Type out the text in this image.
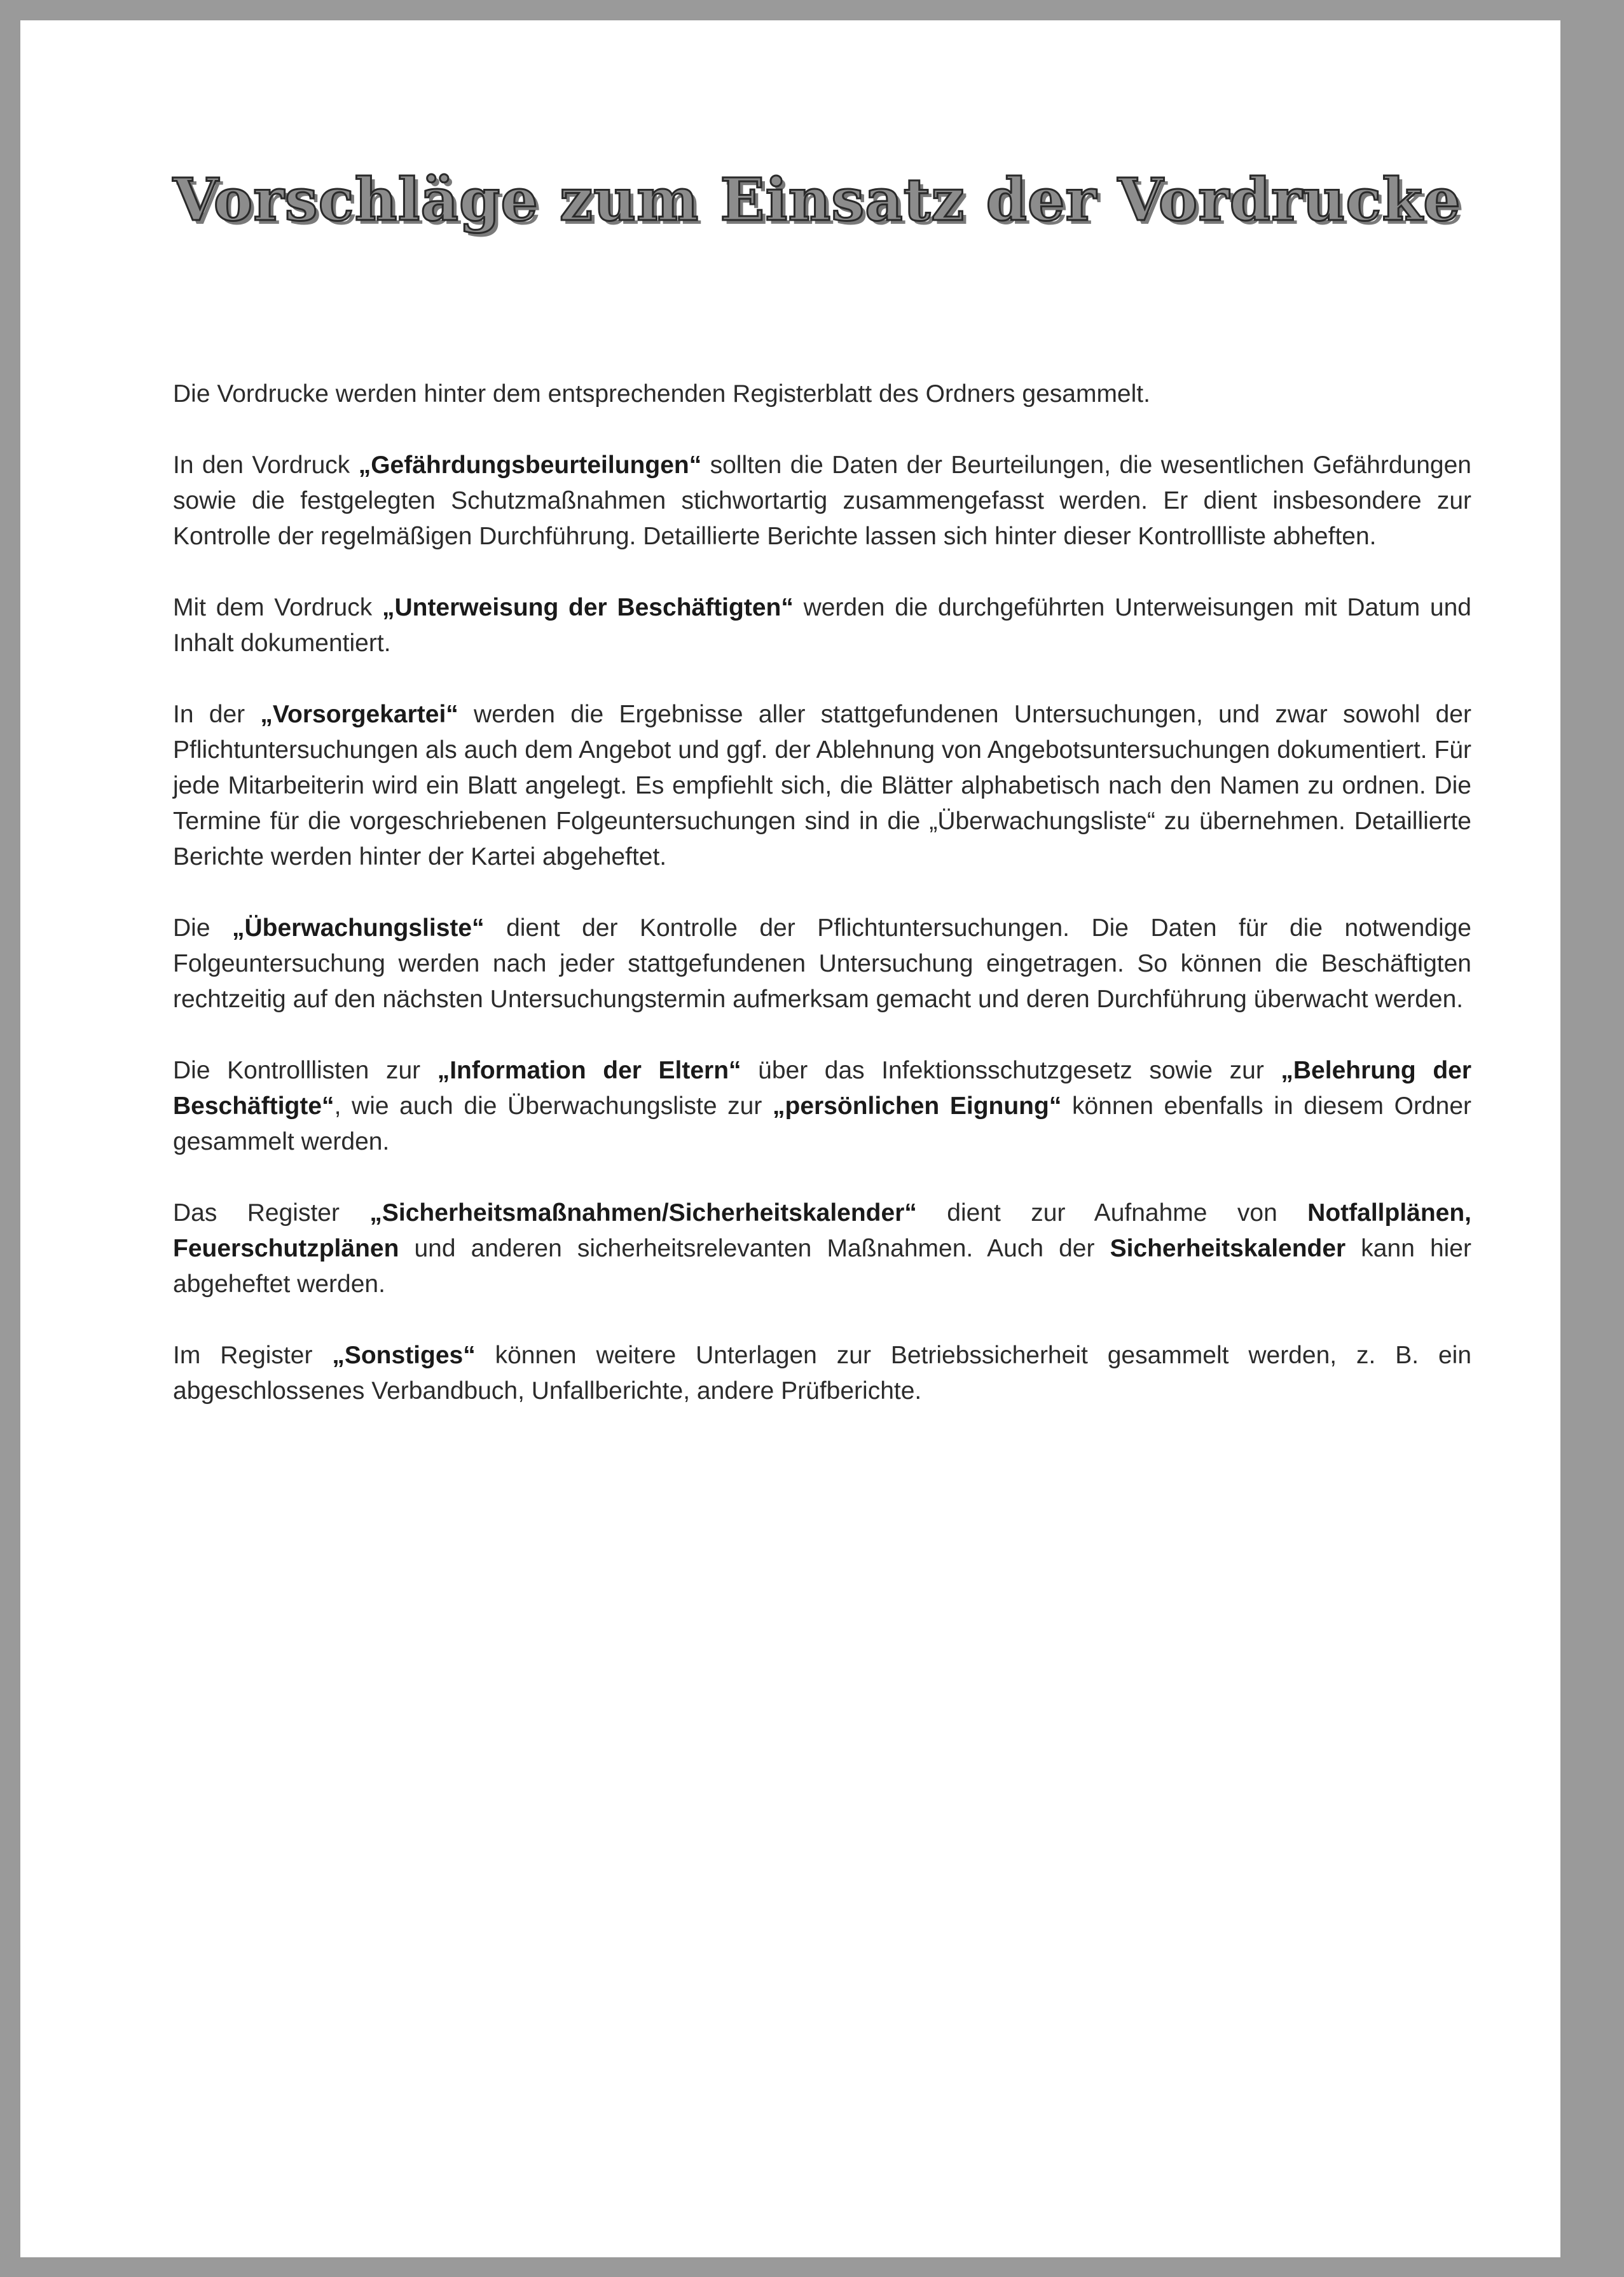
Vorschläge zum Einsatz der Vordrucke

Die Vordrucke werden hinter dem entsprechenden Registerblatt des Ordners gesammelt.

In den Vordruck „Gefährdungsbeurteilungen“ sollten die Daten der Beurteilungen, die wesentlichen Gefährdungen sowie die festgelegten Schutzmaßnahmen stichwortartig zusammengefasst werden. Er dient insbesondere zur Kontrolle der regelmäßigen Durchführung. Detaillierte Berichte lassen sich hinter dieser Kontrollliste abheften.

Mit dem Vordruck „Unterweisung der Beschäftigten“ werden die durchgeführten Unterweisungen mit Datum und Inhalt dokumentiert.

In der „Vorsorgekartei“ werden die Ergebnisse aller stattgefundenen Untersuchungen, und zwar sowohl der Pflichtuntersuchungen als auch dem Angebot und ggf. der Ablehnung von Angebotsuntersuchungen dokumentiert. Für jede Mitarbeiterin wird ein Blatt angelegt. Es empfiehlt sich, die Blätter alphabetisch nach den Namen zu ordnen. Die Termine für die vorgeschriebenen Folgeuntersuchungen sind in die „Überwachungsliste“ zu übernehmen. Detaillierte Berichte werden hinter der Kartei abgeheftet.

Die „Überwachungsliste“ dient der Kontrolle der Pflichtuntersuchungen. Die Daten für die notwendige Folgeuntersuchung werden nach jeder stattgefundenen Untersuchung eingetragen. So können die Beschäftigten rechtzeitig auf den nächsten Untersuchungstermin aufmerksam gemacht und deren Durchführung überwacht werden.

Die Kontrolllisten zur „Information der Eltern“ über das Infektionsschutzgesetz sowie zur „Belehrung der Beschäftigte“, wie auch die Überwachungsliste zur „persönlichen Eignung“ können ebenfalls in diesem Ordner gesammelt werden.

Das Register „Sicherheitsmaßnahmen/Sicherheitskalender“ dient zur Aufnahme von Notfallplänen, Feuerschutzplänen und anderen sicherheitsrelevanten Maßnahmen. Auch der Sicherheitskalender kann hier abgeheftet werden.

Im Register „Sonstiges“ können weitere Unterlagen zur Betriebssicherheit gesammelt werden, z. B. ein abgeschlossenes Verbandbuch, Unfallberichte, andere Prüfberichte.
